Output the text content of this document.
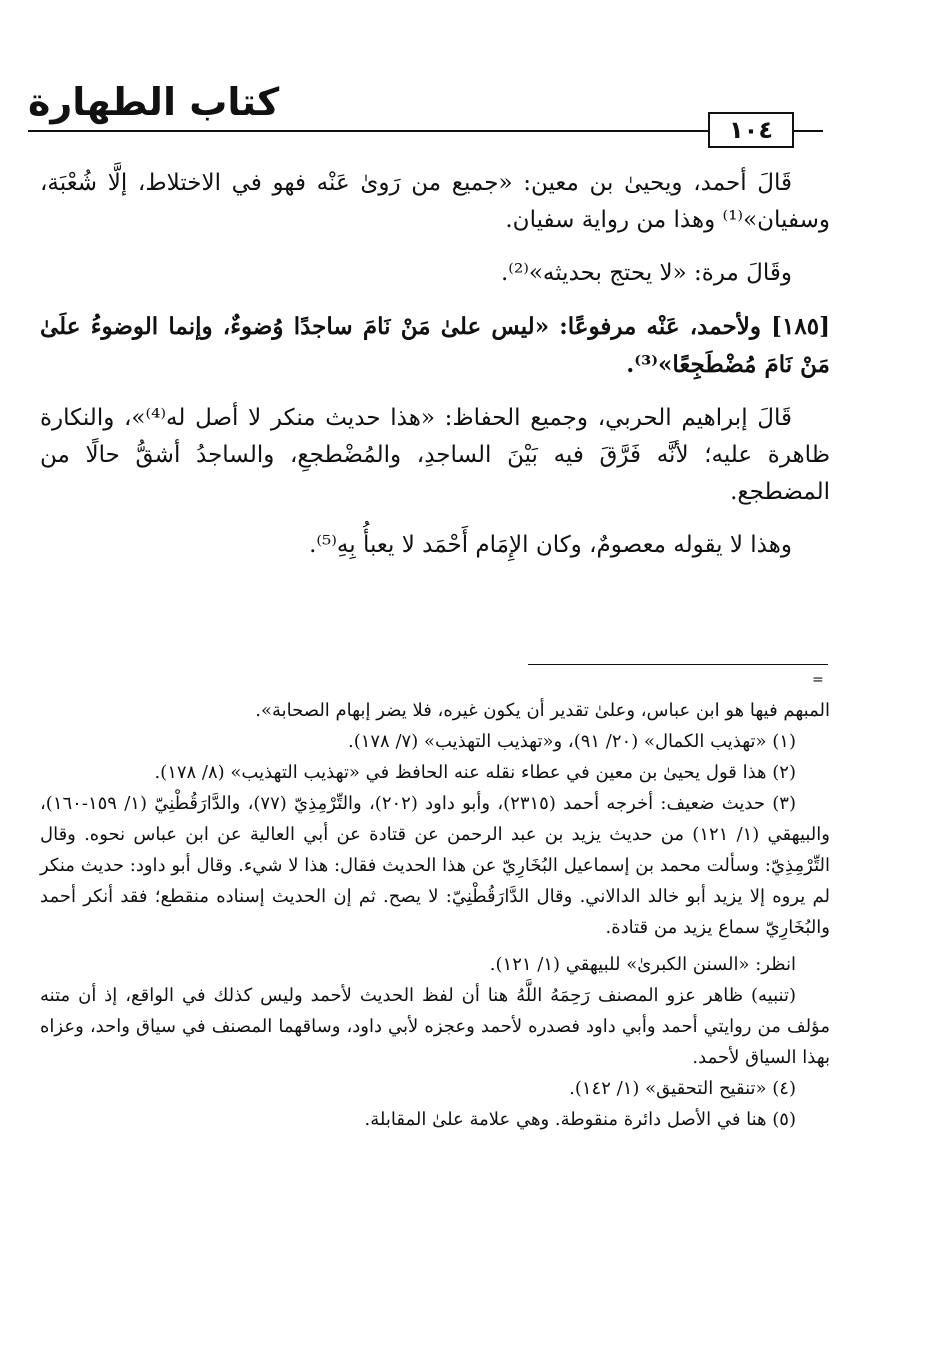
كتاب الطهارة
١٠٤

قَالَ أحمد، ويحيىٰ بن معين: «جميع من رَوىٰ عَنْه فهو في الاختلاط، إلَّا شُعْبَة، وسفيان»⁽¹⁾ وهذا من رواية سفيان.

وقَالَ مرة: «لا يحتج بحديثه»⁽²⁾.

[١٨٥] ولأحمد، عَنْه مرفوعًا: «ليس علىٰ مَنْ نَامَ ساجدًا وُضوءٌ، وإنما الوضوءُ علَىٰ مَنْ نَامَ مُضْطَجِعًا»⁽³⁾.

قَالَ إبراهيم الحربي، وجميع الحفاظ: «هذا حديث منكر لا أصل له⁽⁴⁾»، والنكارة ظاهرة عليه؛ لأنَّه فَرَّقَ فيه بَيْنَ الساجدِ، والمُضْطجعِ، والساجدُ أشقُّ حالًا من المضطجع.

وهذا لا يقوله معصومٌ، وكان الإِمَام أَحْمَد لا يعبأُ بِهِ⁽⁵⁾.

=

المبهم فيها هو ابن عباس، وعلىٰ تقدير أن يكون غيره، فلا يضر إبهام الصحابة».

(١) «تهذيب الكمال» (٢٠/ ٩١)، و«تهذيب التهذيب» (٧/ ١٧٨).

(٢) هذا قول يحيىٰ بن معين في عطاء نقله عنه الحافظ في «تهذيب التهذيب» (٨/ ١٧٨).

(٣) حديث ضعيف: أخرجه أحمد (٢٣١٥)، وأبو داود (٢٠٢)، والتِّرْمِذِيّ (٧٧)، والدَّارَقُطْنِيّ (١/ ١٥٩-١٦٠)، والبيهقي (١/ ١٢١) من حديث يزيد بن عبد الرحمن عن قتادة عن أبي العالية عن ابن عباس نحوه. وقال التِّرْمِذِيّ: وسألت محمد بن إسماعيل البُخَارِيّ عن هذا الحديث فقال: هذا لا شيء. وقال أبو داود: حديث منكر لم يروه إلا يزيد أبو خالد الدالاني. وقال الدَّارَقُطْنِيّ: لا يصح. ثم إن الحديث إسناده منقطع؛ فقد أنكر أحمد والبُخَارِيّ سماع يزيد من قتادة.

انظر: «السنن الكبرىٰ» للبيهقي (١/ ١٢١).

(تنبيه) ظاهر عزو المصنف رَحِمَهُ اللَّهُ هنا أن لفظ الحديث لأحمد وليس كذلك في الواقع، إذ أن متنه مؤلف من روايتي أحمد وأبي داود فصدره لأحمد وعجزه لأبي داود، وساقهما المصنف في سياق واحد، وعزاه بهذا السياق لأحمد.

(٤) «تنقيح التحقيق» (١/ ١٤٢).

(٥) هنا في الأصل دائرة منقوطة. وهي علامة علىٰ المقابلة.
